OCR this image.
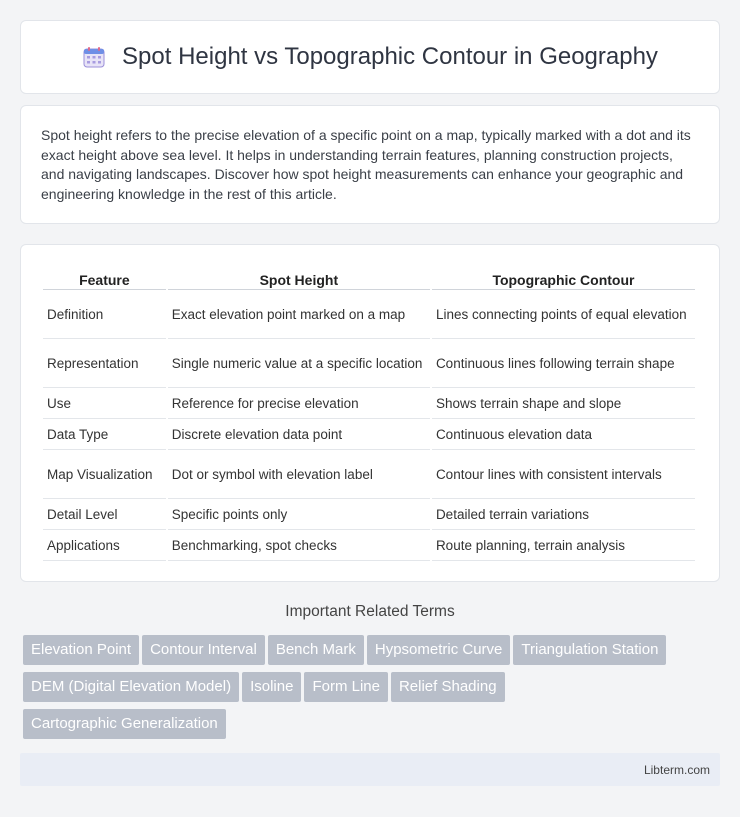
Spot Height vs Topographic Contour in Geography

Spot height refers to the precise elevation of a specific point on a map, typically marked with a dot and its exact height above sea level. It helps in understanding terrain features, planning construction projects, and navigating landscapes. Discover how spot height measurements can enhance your geographic and engineering knowledge in the rest of this article.

Feature	Spot Height	Topographic Contour
Definition	Exact elevation point marked on a map	Lines connecting points of equal elevation
Representation	Single numeric value at a specific location	Continuous lines following terrain shape
Use	Reference for precise elevation	Shows terrain shape and slope
Data Type	Discrete elevation data point	Continuous elevation data
Map Visualization	Dot or symbol with elevation label	Contour lines with consistent intervals
Detail Level	Specific points only	Detailed terrain variations
Applications	Benchmarking, spot checks	Route planning, terrain analysis
Important Related Terms
Elevation Point Contour Interval Bench Mark Hypsometric Curve Triangulation Station
DEM (Digital Elevation Model) Isoline Form Line Relief Shading
Cartographic Generalization
Libterm.com
